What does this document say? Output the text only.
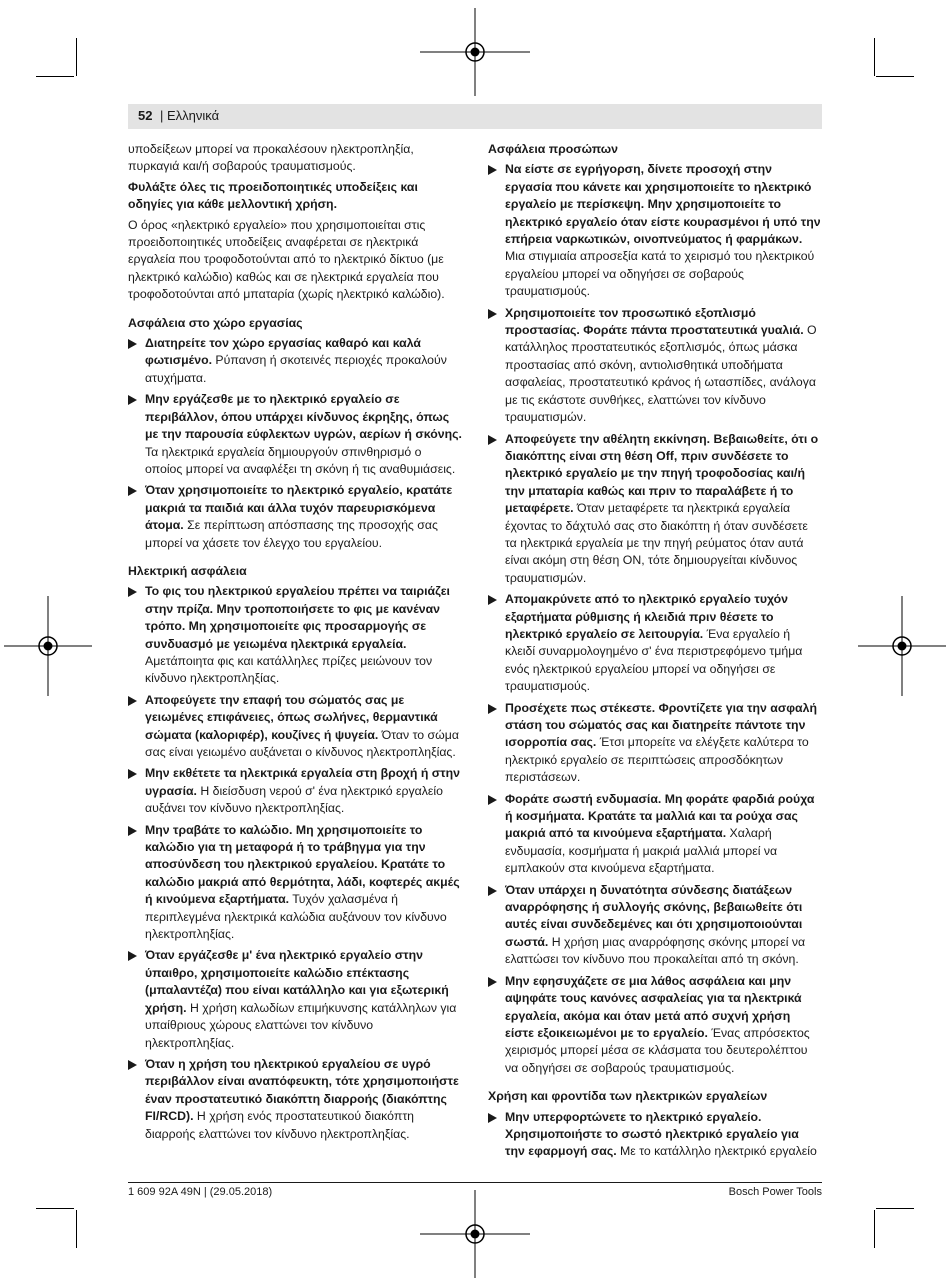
52 | Ελληνικά

υποδείξεων μπορεί να προκαλέσουν ηλεκτροπληξία, πυρκαγιά και/ή σοβαρούς τραυματισμούς.

Φυλάξτε όλες τις προειδοποιητικές υποδείξεις και οδηγίες για κάθε μελλοντική χρήση.

Ο όρος «ηλεκτρικό εργαλείο» που χρησιμοποιείται στις προειδοποιητικές υποδείξεις αναφέρεται σε ηλεκτρικά εργαλεία που τροφοδοτούνται από το ηλεκτρικό δίκτυο (με ηλεκτρικό καλώδιο) καθώς και σε ηλεκτρικά εργαλεία που τροφοδοτούνται από μπαταρία (χωρίς ηλεκτρικό καλώδιο).

Ασφάλεια στο χώρο εργασίας
Διατηρείτε τον χώρο εργασίας καθαρό και καλά φωτισμένο. Ρύπανση ή σκοτεινές περιοχές προκαλούν ατυχήματα.
Μην εργάζεσθε με το ηλεκτρικό εργαλείο σε περιβάλλον, όπου υπάρχει κίνδυνος έκρηξης, όπως με την παρουσία εύφλεκτων υγρών, αερίων ή σκόνης. Τα ηλεκτρικά εργαλεία δημιουργούν σπινθηρισμό ο οποίος μπορεί να αναφλέξει τη σκόνη ή τις αναθυμιάσεις.
Όταν χρησιμοποιείτε το ηλεκτρικό εργαλείο, κρατάτε μακριά τα παιδιά και άλλα τυχόν παρευρισκόμενα άτομα. Σε περίπτωση απόσπασης της προσοχής σας μπορεί να χάσετε τον έλεγχο του εργαλείου.
Ηλεκτρική ασφάλεια
Το φις του ηλεκτρικού εργαλείου πρέπει να ταιριάζει στην πρίζα. Μην τροποποιήσετε το φις με κανέναν τρόπο. Μη χρησιμοποιείτε φις προσαρμογής σε συνδυασμό με γειωμένα ηλεκτρικά εργαλεία. Αμετάποιητα φις και κατάλληλες πρίζες μειώνουν τον κίνδυνο ηλεκτροπληξίας.
Αποφεύγετε την επαφή του σώματός σας με γειωμένες επιφάνειες, όπως σωλήνες, θερμαντικά σώματα (καλοριφέρ), κουζίνες ή ψυγεία. Όταν το σώμα σας είναι γειωμένο αυξάνεται ο κίνδυνος ηλεκτροπληξίας.
Μην εκθέτετε τα ηλεκτρικά εργαλεία στη βροχή ή στην υγρασία. Η διείσδυση νερού σ' ένα ηλεκτρικό εργαλείο αυξάνει τον κίνδυνο ηλεκτροπληξίας.
Μην τραβάτε το καλώδιο. Μη χρησιμοποιείτε το καλώδιο για τη μεταφορά ή το τράβηγμα για την αποσύνδεση του ηλεκτρικού εργαλείου. Κρατάτε το καλώδιο μακριά από θερμότητα, λάδι, κοφτερές ακμές ή κινούμενα εξαρτήματα. Τυχόν χαλασμένα ή περιπλεγμένα ηλεκτρικά καλώδια αυξάνουν τον κίνδυνο ηλεκτροπληξίας.
Όταν εργάζεσθε μ' ένα ηλεκτρικό εργαλείο στην ύπαιθρο, χρησιμοποιείτε καλώδιο επέκτασης (μπαλαντέζα) που είναι κατάλληλο και για εξωτερική χρήση. Η χρήση καλωδίων επιμήκυνσης κατάλληλων για υπαίθριους χώρους ελαττώνει τον κίνδυνο ηλεκτροπληξίας.
Όταν η χρήση του ηλεκτρικού εργαλείου σε υγρό περιβάλλον είναι αναπόφευκτη, τότε χρησιμοποιήστε έναν προστατευτικό διακόπτη διαρροής (διακόπτης FI/RCD). Η χρήση ενός προστατευτικού διακόπτη διαρροής ελαττώνει τον κίνδυνο ηλεκτροπληξίας.
Ασφάλεια προσώπων
Να είστε σε εγρήγορση, δίνετε προσοχή στην εργασία που κάνετε και χρησιμοποιείτε το ηλεκτρικό εργαλείο με περίσκεψη. Μην χρησιμοποιείτε το ηλεκτρικό εργαλείο όταν είστε κουρασμένοι ή υπό την επήρεια ναρκωτικών, οινοπνεύματος ή φαρμάκων. Μια στιγμιαία απροσεξία κατά το χειρισμό του ηλεκτρικού εργαλείου μπορεί να οδηγήσει σε σοβαρούς τραυματισμούς.
Χρησιμοποιείτε τον προσωπικό εξοπλισμό προστασίας. Φοράτε πάντα προστατευτικά γυαλιά. Ο κατάλληλος προστατευτικός εξοπλισμός, όπως μάσκα προστασίας από σκόνη, αντιολισθητικά υποδήματα ασφαλείας, προστατευτικό κράνος ή ωτασπίδες, ανάλογα με τις εκάστοτε συνθήκες, ελαττώνει τον κίνδυνο τραυματισμών.
Αποφεύγετε την αθέλητη εκκίνηση. Βεβαιωθείτε, ότι ο διακόπτης είναι στη θέση Off, πριν συνδέσετε το ηλεκτρικό εργαλείο με την πηγή τροφοδοσίας και/ή την μπαταρία καθώς και πριν το παραλάβετε ή το μεταφέρετε. Όταν μεταφέρετε τα ηλεκτρικά εργαλεία έχοντας το δάχτυλό σας στο διακόπτη ή όταν συνδέσετε τα ηλεκτρικά εργαλεία με την πηγή ρεύματος όταν αυτά είναι ακόμη στη θέση ON, τότε δημιουργείται κίνδυνος τραυματισμών.
Απομακρύνετε από το ηλεκτρικό εργαλείο τυχόν εξαρτήματα ρύθμισης ή κλειδιά πριν θέσετε το ηλεκτρικό εργαλείο σε λειτουργία. Ένα εργαλείο ή κλειδί συναρμολογημένο σ' ένα περιστρεφόμενο τμήμα ενός ηλεκτρικού εργαλείου μπορεί να οδηγήσει σε τραυματισμούς.
Προσέχετε πως στέκεστε. Φροντίζετε για την ασφαλή στάση του σώματός σας και διατηρείτε πάντοτε την ισορροπία σας. Έτσι μπορείτε να ελέγξετε καλύτερα το ηλεκτρικό εργαλείο σε περιπτώσεις απροσδόκητων περιστάσεων.
Φοράτε σωστή ενδυμασία. Μη φοράτε φαρδιά ρούχα ή κοσμήματα. Κρατάτε τα μαλλιά και τα ρούχα σας μακριά από τα κινούμενα εξαρτήματα. Χαλαρή ενδυμασία, κοσμήματα ή μακριά μαλλιά μπορεί να εμπλακούν στα κινούμενα εξαρτήματα.
Όταν υπάρχει η δυνατότητα σύνδεσης διατάξεων αναρρόφησης ή συλλογής σκόνης, βεβαιωθείτε ότι αυτές είναι συνδεδεμένες και ότι χρησιμοποιούνται σωστά. Η χρήση μιας αναρρόφησης σκόνης μπορεί να ελαττώσει τον κίνδυνο που προκαλείται από τη σκόνη.
Μην εφησυχάζετε σε μια λάθος ασφάλεια και μην αψηφάτε τους κανόνες ασφαλείας για τα ηλεκτρικά εργαλεία, ακόμα και όταν μετά από συχνή χρήση είστε εξοικειωμένοι με το εργαλείο. Ένας απρόσεκτος χειρισμός μπορεί μέσα σε κλάσματα του δευτερολέπτου να οδηγήσει σε σοβαρούς τραυματισμούς.
Χρήση και φροντίδα των ηλεκτρικών εργαλείων
Μην υπερφορτώνετε το ηλεκτρικό εργαλείο. Χρησιμοποιήστε το σωστό ηλεκτρικό εργαλείο για την εφαρμογή σας. Με το κατάλληλο ηλεκτρικό εργαλείο
1 609 92A 49N | (29.05.2018)	Bosch Power Tools
